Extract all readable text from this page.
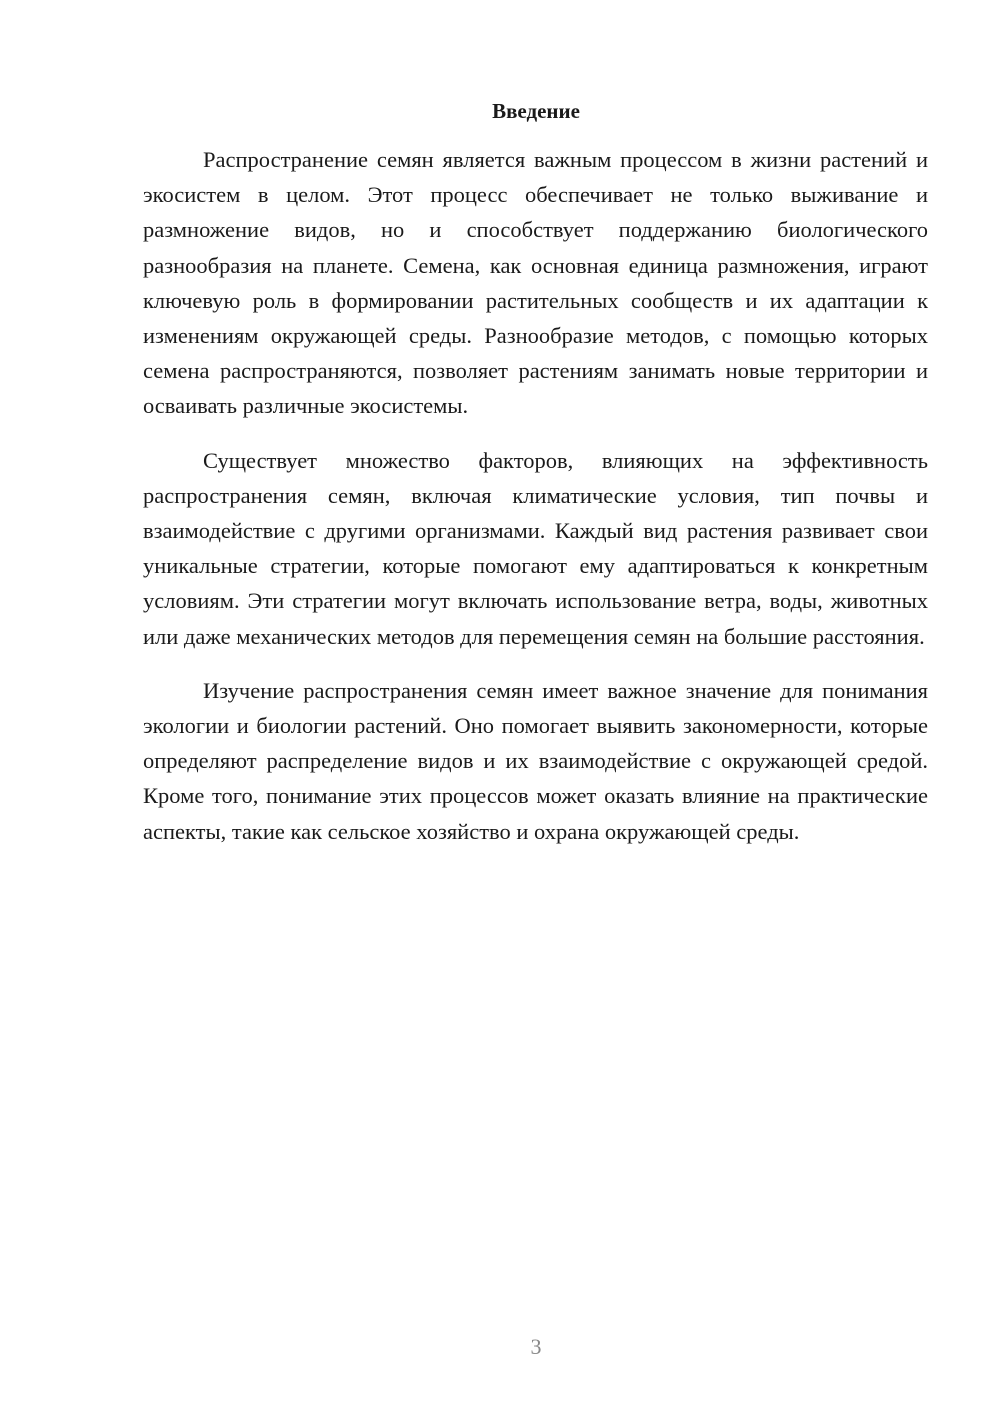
Введение

Распространение семян является важным процессом в жизни растений и экосистем в целом. Этот процесс обеспечивает не только выживание и размножение видов, но и способствует поддержанию биологического разнообразия на планете. Семена, как основная единица размножения, играют ключевую роль в формировании растительных сообществ и их адаптации к изменениям окружающей среды. Разнообразие методов, с помощью которых семена распространяются, позволяет растениям занимать новые территории и осваивать различные экосистемы.

Существует множество факторов, влияющих на эффективность распространения семян, включая климатические условия, тип почвы и взаимодействие с другими организмами. Каждый вид растения развивает свои уникальные стратегии, которые помогают ему адаптироваться к конкретным условиям. Эти стратегии могут включать использование ветра, воды, животных или даже механических методов для перемещения семян на большие расстояния.

Изучение распространения семян имеет важное значение для понимания экологии и биологии растений. Оно помогает выявить закономерности, которые определяют распределение видов и их взаимодействие с окружающей средой. Кроме того, понимание этих процессов может оказать влияние на практические аспекты, такие как сельское хозяйство и охрана окружающей среды.

3
